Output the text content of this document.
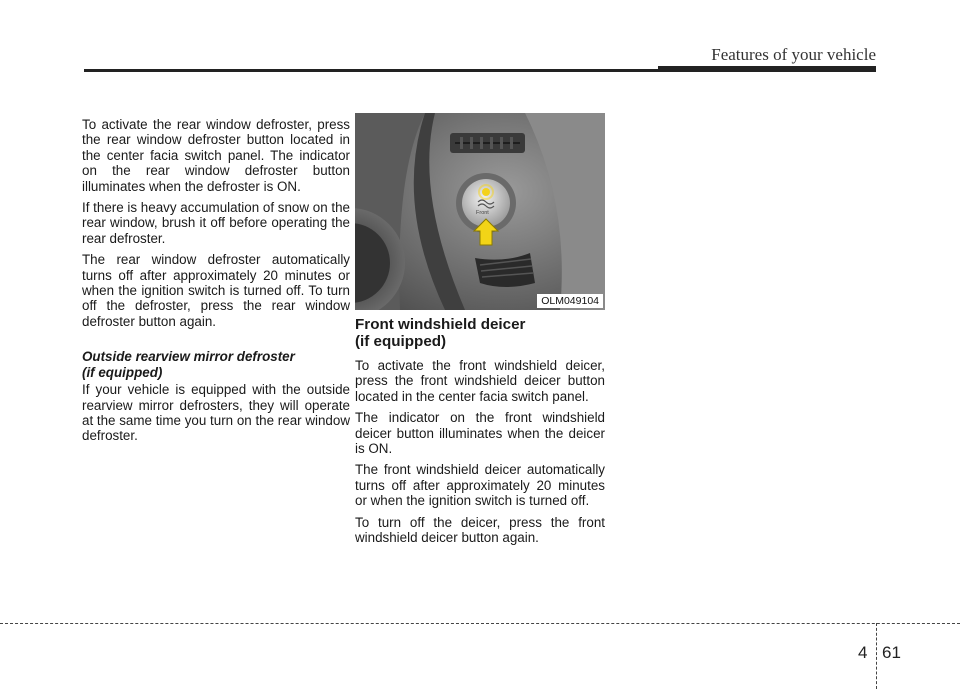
Features of your vehicle

To activate the rear window defroster, press the rear window defroster button located in the center facia switch panel. The indicator on the rear window defroster button illuminates when the defroster is ON.

If there is heavy accumulation of snow on the rear window, brush it off before operating the rear defroster.

The rear window defroster automatically turns off after approximately 20 minutes or when the ignition switch is turned off. To turn off the defroster, press the rear window defroster button again.

Outside rearview mirror defroster
(if equipped)

If your vehicle is equipped with the outside rearview mirror defrosters, they will operate at the same time you turn on the rear window defroster.

Front
OLM049104
Front windshield deicer
(if equipped)

To activate the front windshield deicer, press the front windshield deicer button located in the center facia switch panel.

The indicator on the front windshield deicer button illuminates when the deicer is ON.

The front windshield deicer automatically turns off after approximately 20 minutes or when the ignition switch is turned off.

To turn off the deicer, press the front windshield deicer button again.

4 61
